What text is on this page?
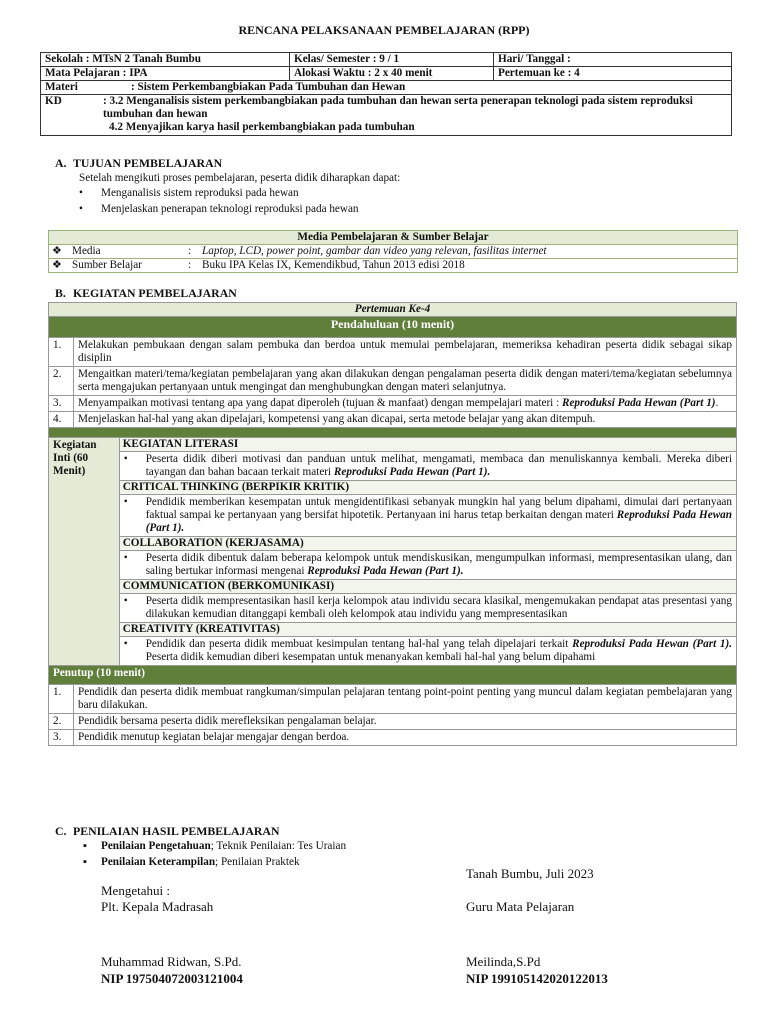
RENCANA PELAKSANAAN PEMBELAJARAN (RPP)
Sekolah : MTsN 2 Tanah Bumbu	Kelas/ Semester : 9 / 1	Hari/ Tanggal :
Mata Pelajaran : IPA	Alokasi Waktu : 2 x 40 menit	Pertemuan ke : 4
Materi : Sistem Perkembangbiakan Pada Tumbuhan dan Hewan		

KD : 3.2 Menganalisis sistem perkembangbiakan pada tumbuhan dan hewan serta penerapan teknologi pada sistem reproduksi tumbuhan dan hewan
4.2 Menyajikan karya hasil perkembangbiakan pada tumbuhan		
A. TUJUAN PEMBELAJARAN
Setelah mengikuti proses pembelajaran, peserta didik diharapkan dapat:
• Menganalisis sistem reproduksi pada hewan
• Menjelaskan penerapan teknologi reproduksi pada hewan
Media Pembelajaran & Sumber Belajar			
❖	Media	:	Laptop, LCD, power point, gambar dan video yang relevan, fasilitas internet
❖	Sumber Belajar	:	Buku IPA Kelas IX, Kemendikbud, Tahun 2013 edisi 2018
B. KEGIATAN PEMBELAJARAN
Pertemuan Ke-4		
Pendahuluan (10 menit)		
1.	Melakukan pembukaan dengan salam pembuka dan berdoa untuk memulai pembelajaran, memeriksa kehadiran peserta didik sebagai sikap disiplin	
2.	Mengaitkan materi/tema/kegiatan pembelajaran yang akan dilakukan dengan pengalaman peserta didik dengan materi/tema/kegiatan sebelumnya serta mengajukan pertanyaan untuk mengingat dan menghubungkan dengan materi selanjutnya.	
3.	Menyampaikan motivasi tentang apa yang dapat diperoleh (tujuan & manfaat) dengan mempelajari materi : Reproduksi Pada Hewan (Part 1).	
4.	Menjelaskan hal-hal yang akan dipelajari, kompetensi yang akan dicapai, serta metode belajar yang akan ditempuh.	

Kegiatan Inti (60 Menit)		KEGIATAN LITERASI

		• Peserta didik diberi motivasi dan panduan untuk melihat, mengamati, membaca dan menuliskannya kembali. Mereka diberi tayangan dan bahan bacaan terkait materi Reproduksi Pada Hewan (Part 1).

		CRITICAL THINKING (BERPIKIR KRITIK)

		• Pendidik memberikan kesempatan untuk mengidentifikasi sebanyak mungkin hal yang belum dipahami, dimulai dari pertanyaan faktual sampai ke pertanyaan yang bersifat hipotetik. Pertanyaan ini harus tetap berkaitan dengan materi Reproduksi Pada Hewan (Part 1).

		COLLABORATION (KERJASAMA)

		• Peserta didik dibentuk dalam beberapa kelompok untuk mendiskusikan, mengumpulkan informasi, mempresentasikan ulang, dan saling bertukar informasi mengenai Reproduksi Pada Hewan (Part 1).

		COMMUNICATION (BERKOMUNIKASI)

		• Peserta didik mempresentasikan hasil kerja kelompok atau individu secara klasikal, mengemukakan pendapat atas presentasi yang dilakukan kemudian ditanggapi kembali oleh kelompok atau individu yang mempresentasikan

		CREATIVITY (KREATIVITAS)

		• Pendidik dan peserta didik membuat kesimpulan tentang hal-hal yang telah dipelajari terkait Reproduksi Pada Hewan (Part 1). Peserta didik kemudian diberi kesempatan untuk menanyakan kembali hal-hal yang belum dipahami

Penutup (10 menit)		
1.	Pendidik dan peserta didik membuat rangkuman/simpulan pelajaran tentang point-point penting yang muncul dalam kegiatan pembelajaran yang baru dilakukan.	
2.	Pendidik bersama peserta didik merefleksikan pengalaman belajar.	
3.	Pendidik menutup kegiatan belajar mengajar dengan berdoa.	
C. PENILAIAN HASIL PEMBELAJARAN
▪ Penilaian Pengetahuan; Teknik Penilaian: Tes Uraian
▪ Penilaian Keterampilan; Penilaian Praktek
Tanah Bumbu, Juli 2023
Mengetahui :
Plt. Kepala Madrasah	Guru Mata Pelajaran
Muhammad Ridwan, S.Pd.
NIP 197504072003121004
Meilinda,S.Pd
NIP 199105142020122013
